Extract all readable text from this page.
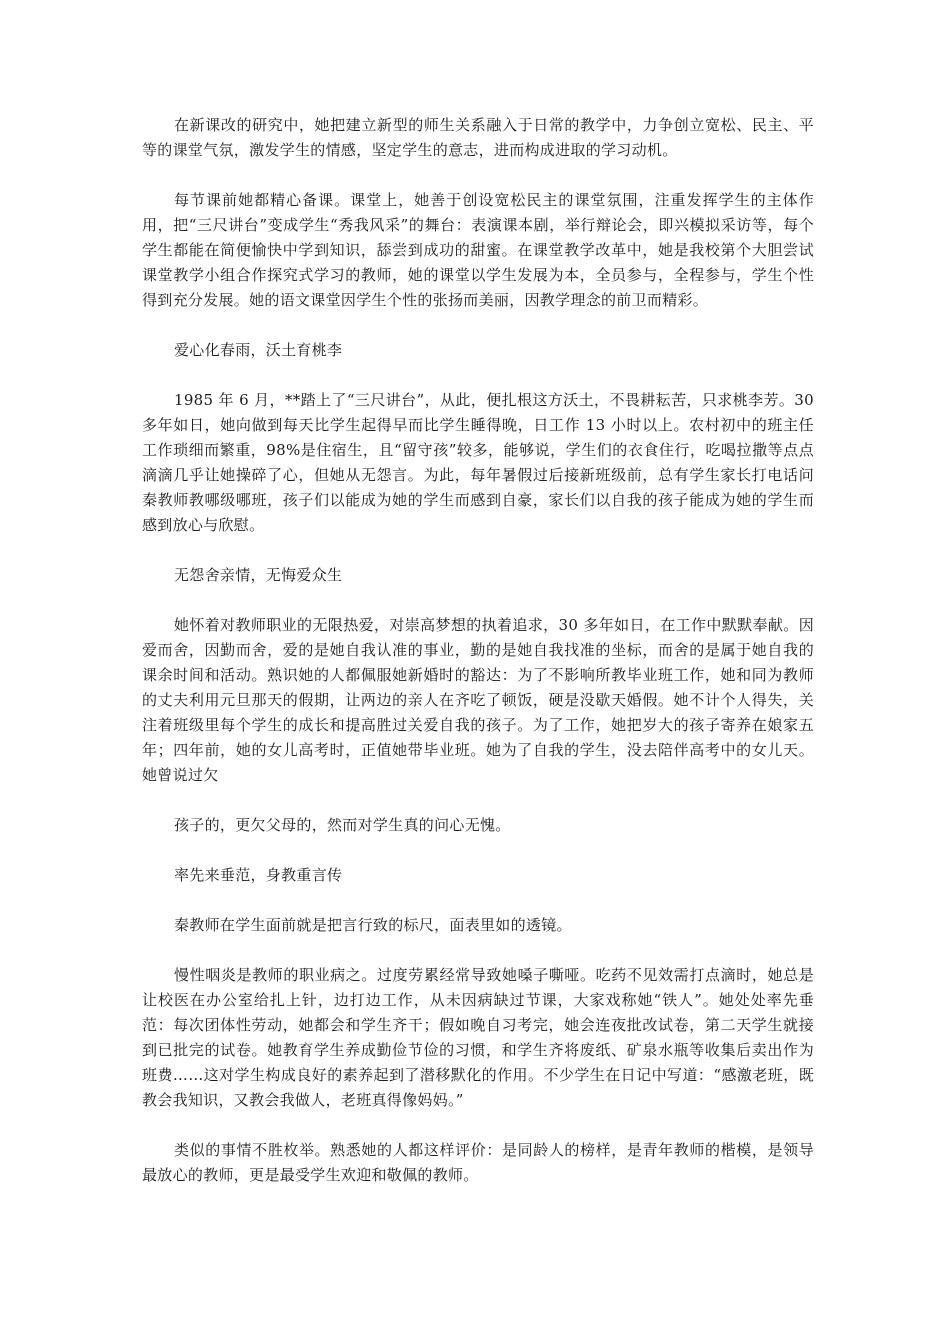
在新课改的研究中，她把建立新型的师生关系融入于日常的教学中，力争创立宽松、民主、平等的课堂气氛，激发学生的情感，坚定学生的意志，进而构成进取的学习动机。

每节课前她都精心备课。课堂上，她善于创设宽松民主的课堂氛围，注重发挥学生的主体作用，把“三尺讲台”变成学生“秀我风采”的舞台：表演课本剧，举行辩论会，即兴模拟采访等，每个学生都能在简便愉快中学到知识，舔尝到成功的甜蜜。在课堂教学改革中，她是我校第个大胆尝试课堂教学小组合作探究式学习的教师，她的课堂以学生发展为本，全员参与，全程参与，学生个性得到充分发展。她的语文课堂因学生个性的张扬而美丽，因教学理念的前卫而精彩。

爱心化春雨，沃土育桃李

1985 年 6 月，**踏上了“三尺讲台”，从此，便扎根这方沃土，不畏耕耘苦，只求桃李芳。30 多年如日，她向做到每天比学生起得早而比学生睡得晚，日工作 13 小时以上。农村初中的班主任工作琐细而繁重，98%是住宿生，且“留守孩”较多，能够说，学生们的衣食住行，吃喝拉撒等点点滴滴几乎让她操碎了心，但她从无怨言。为此，每年暑假过后接新班级前，总有学生家长打电话问秦教师教哪级哪班，孩子们以能成为她的学生而感到自豪，家长们以自我的孩子能成为她的学生而感到放心与欣慰。

无怨舍亲情，无悔爱众生

她怀着对教师职业的无限热爱，对崇高梦想的执着追求，30 多年如日，在工作中默默奉献。因爱而舍，因勤而舍，爱的是她自我认准的事业，勤的是她自我找准的坐标，而舍的是属于她自我的课余时间和活动。熟识她的人都佩服她新婚时的豁达：为了不影响所教毕业班工作，她和同为教师的丈夫利用元旦那天的假期，让两边的亲人在齐吃了顿饭，硬是没歇天婚假。她不计个人得失，关注着班级里每个学生的成长和提高胜过关爱自我的孩子。为了工作，她把岁大的孩子寄养在娘家五年；四年前，她的女儿高考时，正值她带毕业班。她为了自我的学生，没去陪伴高考中的女儿天。她曾说过欠

孩子的，更欠父母的，然而对学生真的问心无愧。

率先来垂范，身教重言传

秦教师在学生面前就是把言行致的标尺，面表里如的透镜。

慢性咽炎是教师的职业病之。过度劳累经常导致她嗓子嘶哑。吃药不见效需打点滴时，她总是让校医在办公室给扎上针，边打边工作，从未因病缺过节课，大家戏称她“铁人”。她处处率先垂范：每次团体性劳动，她都会和学生齐干；假如晚自习考完，她会连夜批改试卷，第二天学生就接到已批完的试卷。她教育学生养成勤俭节俭的习惯，和学生齐将废纸、矿泉水瓶等收集后卖出作为班费……这对学生构成良好的素养起到了潜移默化的作用。不少学生在日记中写道：“感激老班，既教会我知识，又教会我做人，老班真得像妈妈。”

类似的事情不胜枚举。熟悉她的人都这样评价：是同龄人的榜样，是青年教师的楷模，是领导最放心的教师，更是最受学生欢迎和敬佩的教师。
